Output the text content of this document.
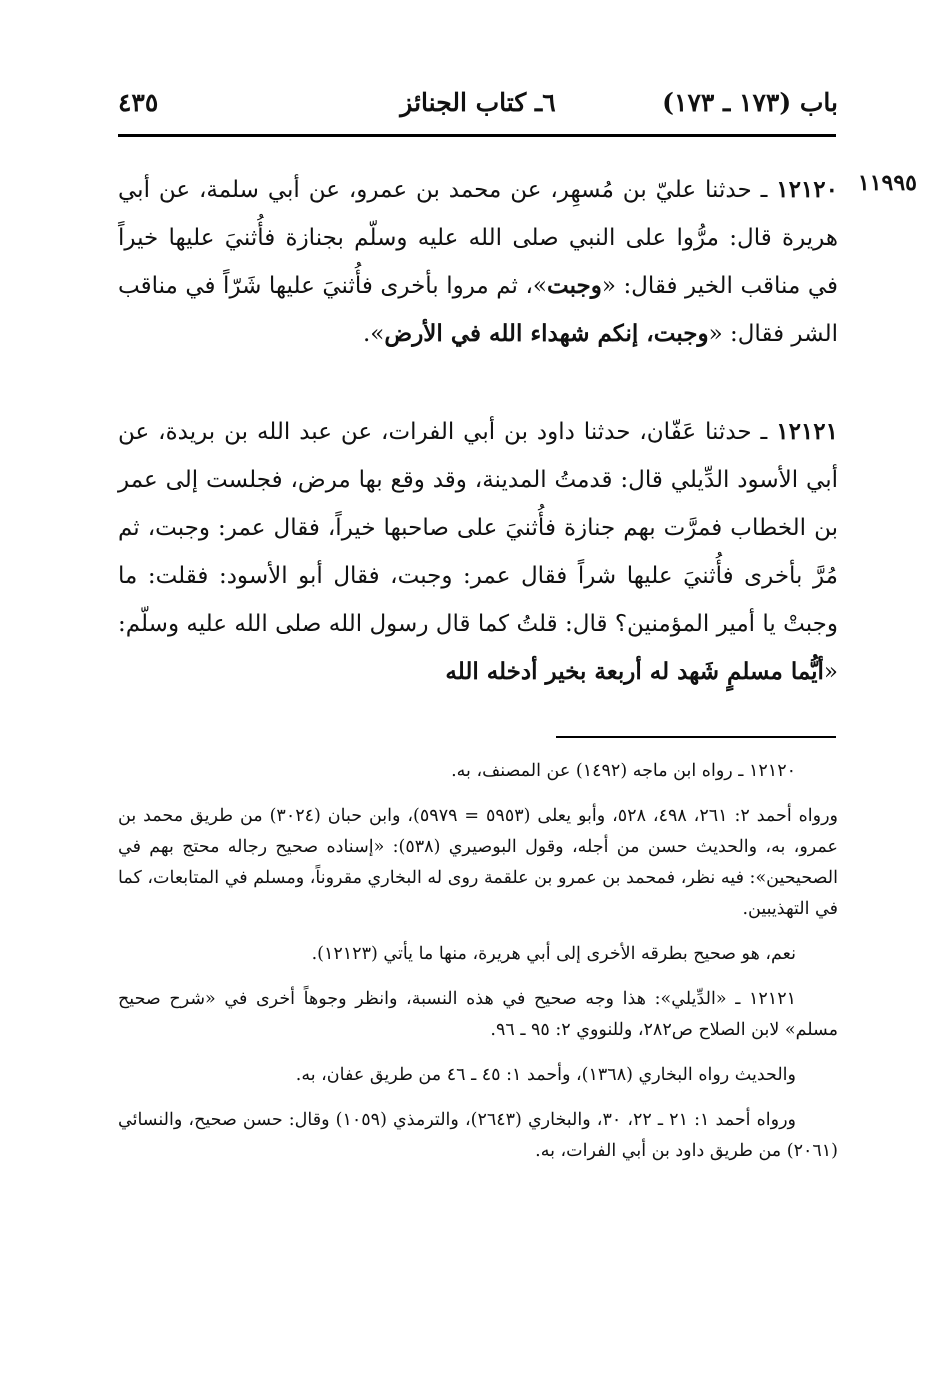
باب (١٧٣ ـ ١٧٣)
٦ـ كتاب الجنائز
٤٣٥
١١٩٩٥

١٢١٢٠ ـ حدثنا عليّ بن مُسهِر، عن محمد بن عمرو، عن أبي سلمة، عن أبي هريرة قال: مرُّوا على النبي صلى الله عليه وسلّم بجنازة فأُثنيَ عليها خيراً في مناقب الخير فقال: «وجبت»، ثم مروا بأخرى فأُثنيَ عليها شَرّاً في مناقب الشر فقال: «وجبت، إنكم شهداء الله في الأرض».

١٢١٢١ ـ حدثنا عَفّان، حدثنا داود بن أبي الفرات، عن عبد الله بن بريدة، عن أبي الأسود الدِّيلي قال: قدمتُ المدينة، وقد وقع بها مرض، فجلست إلى عمر بن الخطاب فمرَّت بهم جنازة فأُثنيَ على صاحبها خيراً، فقال عمر: وجبت، ثم مُرَّ بأخرى فأُثنيَ عليها شراً فقال عمر: وجبت، فقال أبو الأسود: فقلت: ما وجبتْ يا أمير المؤمنين؟ قال: قلتُ كما قال رسول الله صلى الله عليه وسلّم: «أيُّما مسلمٍ شَهد له أربعة بخير أدخله الله

١٢١٢٠ ـ رواه ابن ماجه (١٤٩٢) عن المصنف، به.

ورواه أحمد ٢: ٢٦١، ٤٩٨، ٥٢٨، وأبو يعلى (٥٩٥٣ = ٥٩٧٩)، وابن حبان (٣٠٢٤) من طريق محمد بن عمرو، به، والحديث حسن من أجله، وقول البوصيري (٥٣٨): «إسناده صحيح رجاله محتج بهم في الصحيحين»: فيه نظر، فمحمد بن عمرو بن علقمة روى له البخاري مقروناً، ومسلم في المتابعات، كما في التهذيبين.

نعم، هو صحيح بطرقه الأخرى إلى أبي هريرة، منها ما يأتي (١٢١٢٣).

١٢١٢١ ـ «الدِّيلي»: هذا وجه صحيح في هذه النسبة، وانظر وجوهاً أخرى في «شرح صحيح مسلم» لابن الصلاح ص٢٨٢، وللنووي ٢: ٩٥ ـ ٩٦.

والحديث رواه البخاري (١٣٦٨)، وأحمد ١: ٤٥ ـ ٤٦ من طريق عفان، به.

ورواه أحمد ١: ٢١ ـ ٢٢، ٣٠، والبخاري (٢٦٤٣)، والترمذي (١٠٥٩) وقال: حسن صحيح، والنسائي (٢٠٦١) من طريق داود بن أبي الفرات، به.
